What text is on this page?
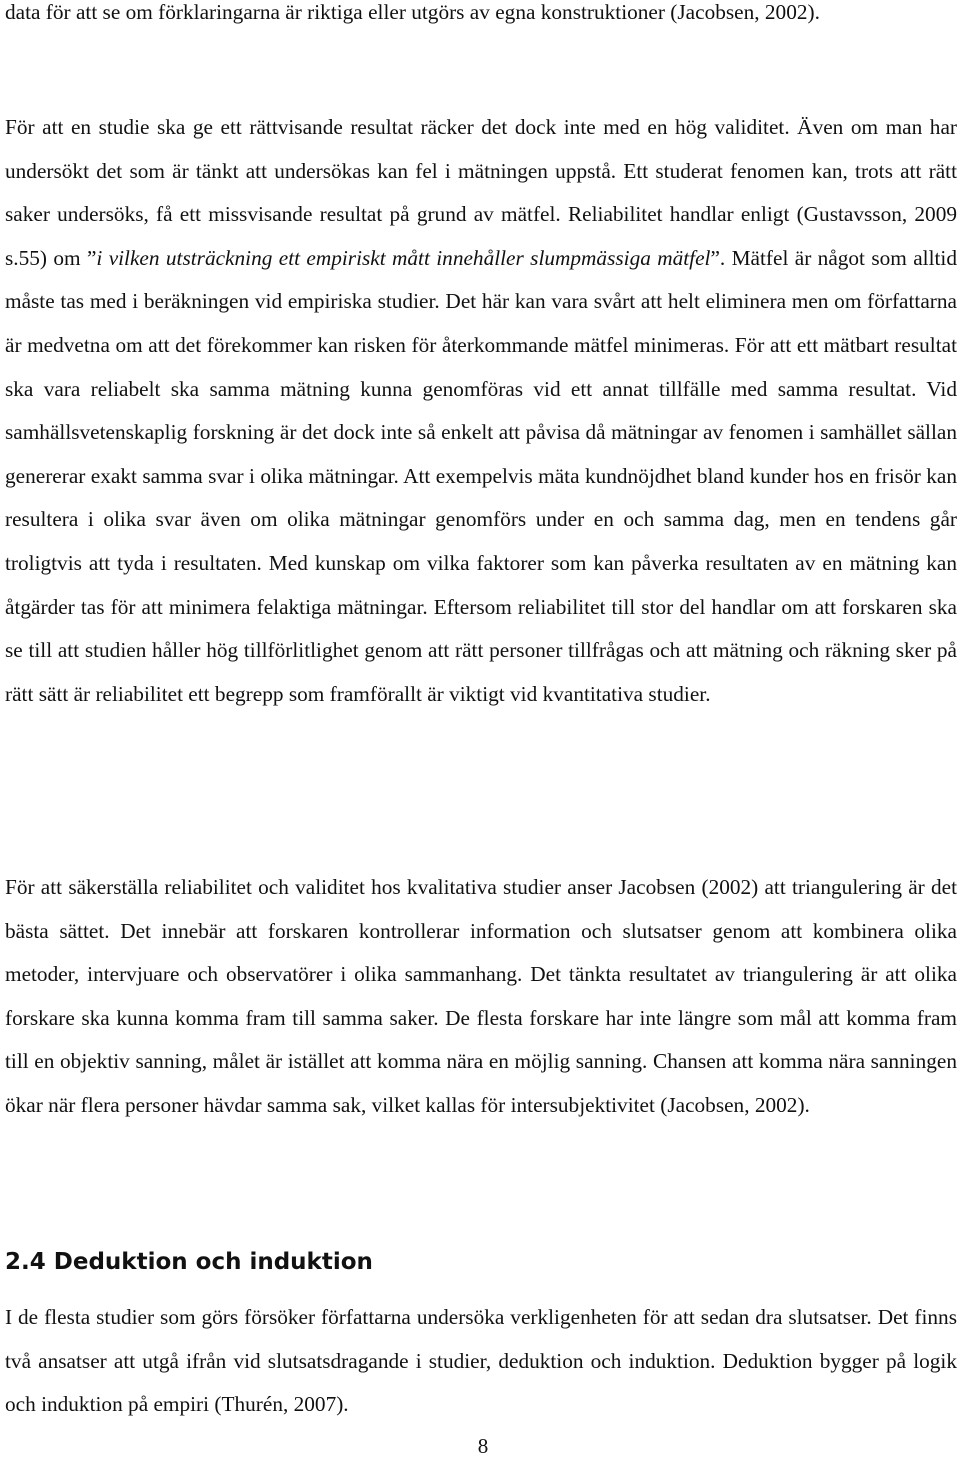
data för att se om förklaringarna är riktiga eller utgörs av egna konstruktioner (Jacobsen, 2002).

För att en studie ska ge ett rättvisande resultat räcker det dock inte med en hög validitet. Även om man har undersökt det som är tänkt att undersökas kan fel i mätningen uppstå. Ett studerat fenomen kan, trots att rätt saker undersöks, få ett missvisande resultat på grund av mätfel. Reliabilitet handlar enligt (Gustavsson, 2009 s.55) om ”i vilken utsträckning ett empiriskt mått innehåller slumpmässiga mätfel”. Mätfel är något som alltid måste tas med i beräkningen vid empiriska studier. Det här kan vara svårt att helt eliminera men om författarna är medvetna om att det förekommer kan risken för återkommande mätfel minimeras. För att ett mätbart resultat ska vara reliabelt ska samma mätning kunna genomföras vid ett annat tillfälle med samma resultat. Vid samhällsvetenskaplig forskning är det dock inte så enkelt att påvisa då mätningar av fenomen i samhället sällan genererar exakt samma svar i olika mätningar. Att exempelvis mäta kundnöjdhet bland kunder hos en frisör kan resultera i olika svar även om olika mätningar genomförs under en och samma dag, men en tendens går troligtvis att tyda i resultaten. Med kunskap om vilka faktorer som kan påverka resultaten av en mätning kan åtgärder tas för att minimera felaktiga mätningar. Eftersom reliabilitet till stor del handlar om att forskaren ska se till att studien håller hög tillförlitlighet genom att rätt personer tillfrågas och att mätning och räkning sker på rätt sätt är reliabilitet ett begrepp som framförallt är viktigt vid kvantitativa studier.

För att säkerställa reliabilitet och validitet hos kvalitativa studier anser Jacobsen (2002) att triangulering är det bästa sättet. Det innebär att forskaren kontrollerar information och slutsatser genom att kombinera olika metoder, intervjuare och observatörer i olika sammanhang. Det tänkta resultatet av triangulering är att olika forskare ska kunna komma fram till samma saker. De flesta forskare har inte längre som mål att komma fram till en objektiv sanning, målet är istället att komma nära en möjlig sanning. Chansen att komma nära sanningen ökar när flera personer hävdar samma sak, vilket kallas för intersubjektivitet (Jacobsen, 2002).

2.4 Deduktion och induktion

I de flesta studier som görs försöker författarna undersöka verkligenheten för att sedan dra slutsatser. Det finns två ansatser att utgå ifrån vid slutsatsdragande i studier, deduktion och induktion. Deduktion bygger på logik och induktion på empiri (Thurén, 2007).

8
